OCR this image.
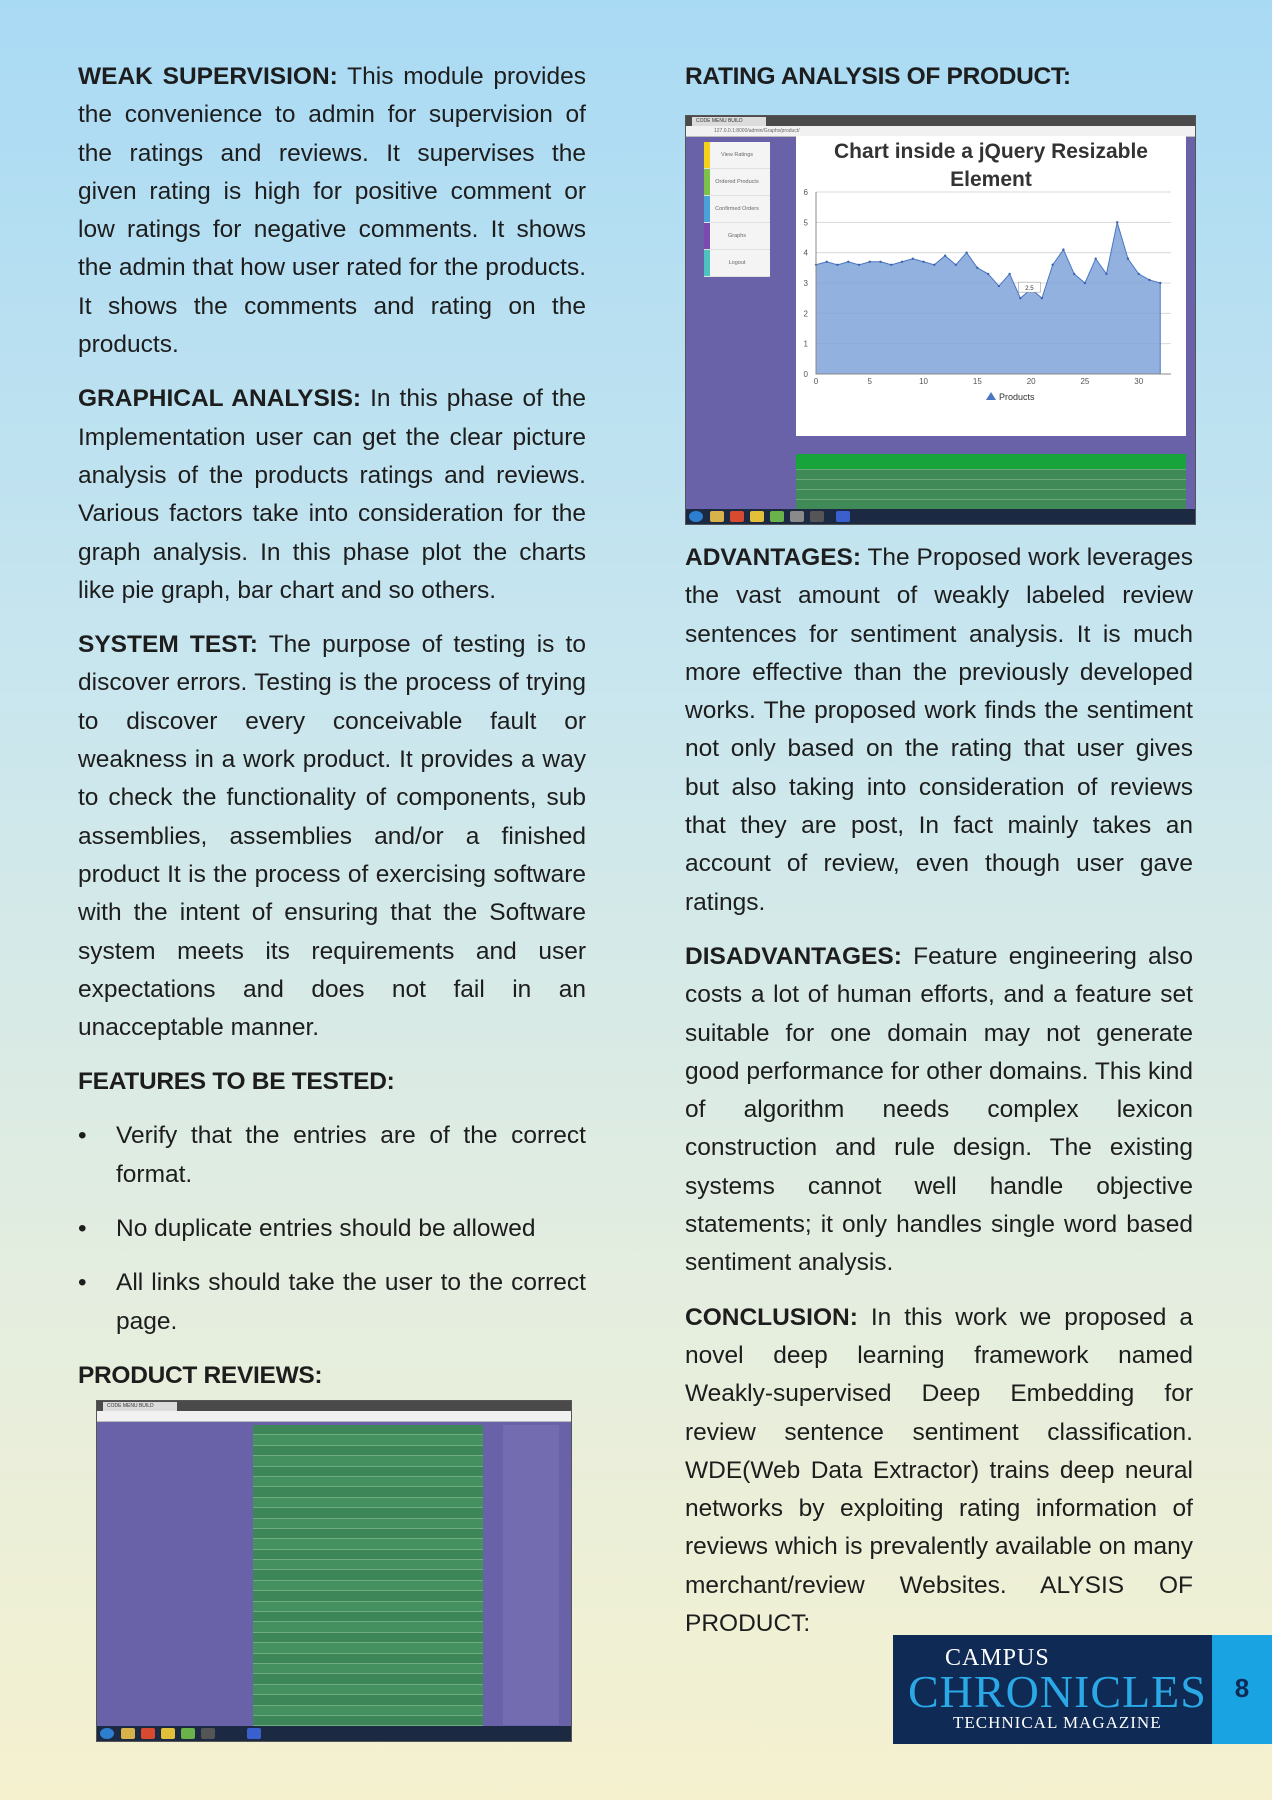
WEAK SUPERVISION: This module provides the convenience to admin for supervision of the ratings and reviews. It supervises the given rating is high for positive comment or low ratings for negative comments. It shows the admin that how user rated for the products. It shows the comments and rating on the products.

GRAPHICAL ANALYSIS: In this phase of the Implementation user can get the clear picture analysis of the products ratings and reviews. Various factors take into consideration for the graph analysis. In this phase plot the charts like pie graph, bar chart and so others.

SYSTEM TEST: The purpose of testing is to discover errors. Testing is the process of trying to discover every conceivable fault or weakness in a work product. It provides a way to check the functionality of components, sub assemblies, assemblies and/or a finished product It is the process of exercising software with the intent of ensuring that the Software system meets its requirements and user expectations and does not fail in an unacceptable manner.

FEATURES TO BE TESTED:
• Verify that the entries are of the correct format.
• No duplicate entries should be allowed
• All links should take the user to the correct page.
PRODUCT REVIEWS:
RATING ANALYSIS OF PRODUCT:

ADVANTAGES: The Proposed work leverages the vast amount of weakly labeled review sentences for sentiment analysis. It is much more effective than the previously developed works. The proposed work finds the sentiment not only based on the rating that user gives but also taking into consideration of reviews that they are post, In fact mainly takes an account of review, even though user gave ratings.

DISADVANTAGES: Feature engineering also costs a lot of human efforts, and a feature set suitable for one domain may not generate good performance for other domains. This kind of algorithm needs complex lexicon construction and rule design. The existing systems cannot well handle objective statements; it only handles single word based sentiment analysis.

CONCLUSION: In this work we proposed a novel deep learning framework named Weakly-supervised Deep Embedding for review sentence sentiment classification. WDE(Web Data Extractor) trains deep neural networks by exploiting rating information of reviews which is prevalently available on many merchant/review Websites. ALYSIS OF PRODUCT:

CODE MENU BUILD
127.0.0.1:8000/admin/Graphs/product/
View Ratings
Ordered Products
Confirmed Orders
Graphs
Logout
Chart inside a jQuery Resizable Element
0
1
2
3
4
5
6
0	5	10	15	20	25	30
2.5
Products
CODE MENU BUILD
CAMPUS
CHRONICLES
TECHNICAL MAGAZINE
8
